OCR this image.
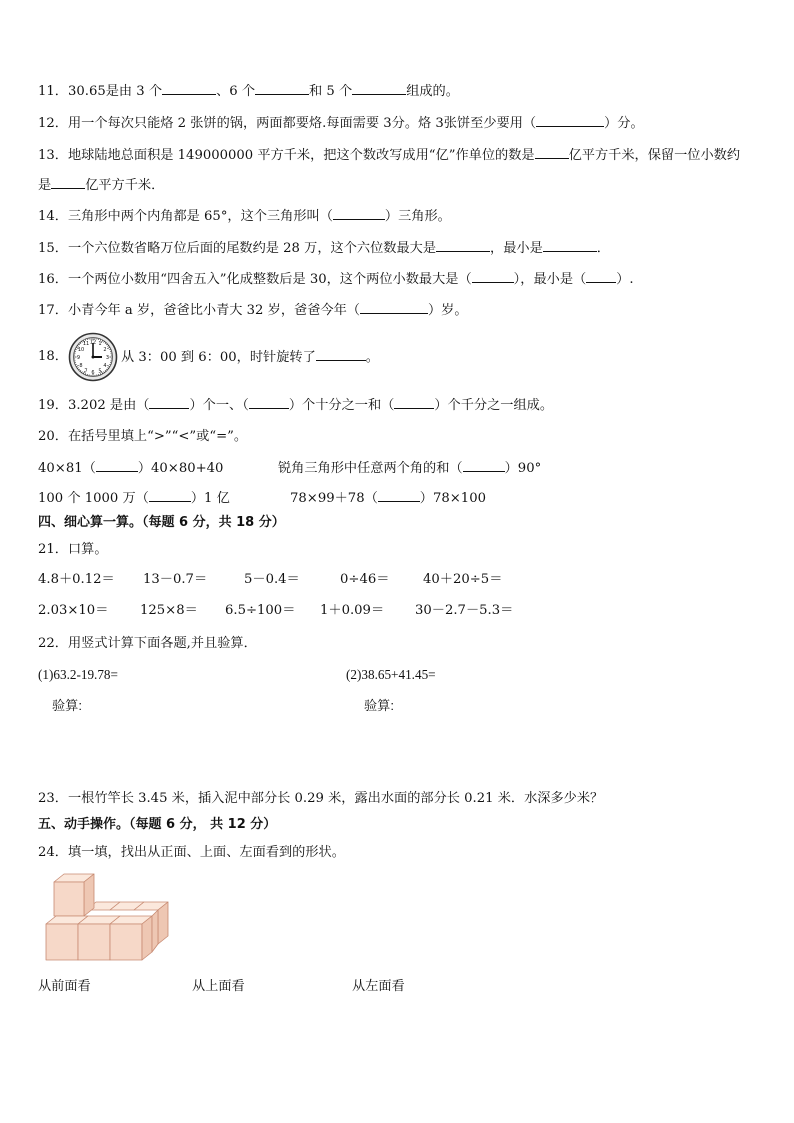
11．30.65是由 3 个	、6 个	和 5 个	组成的。
12．用一个每次只能烙 2 张饼的锅，两面都要烙.每面需要 3分。烙 3张饼至少要用（	）分。
13．地球陆地总面积是 149000000 平方千米，把这个数改写成用“亿”作单位的数是	亿平方千米，保留一位小数约
是	亿平方千米．
14．三角形中两个内角都是 65°，这个三角形叫（	）三角形。
15．一个六位数省略万位后面的尾数约是 28 万，这个六位数最大是	，最小是	．
16．一个两位小数用“四舍五入”化成整数后是 30，这个两位小数最大是（	），最小是（ ）.
17．小青今年 a 岁，爸爸比小青大 32 岁，爸爸今年（	）岁。
18．
12
3
6
9
1
2
4
5
7
8
10
11
从 3：00 到 6：00，时针旋转了	。
19．3.202 是由（	）个一、（	）个十分之一和（	）个千分之一组成。
20．在括号里填上“>”“<”或“=”。
40×81（	）40×80+40	锐角三角形中任意两个角的和（	）90°
100 个 1000 万（	）1 亿	78×99＋78（	）78×100
四、细心算一算。（每题 6 分，共 18 分）
21．口算。
4.8＋0.12＝ 13－0.7＝	5－0.4＝	0÷46＝	40＋20÷5＝
2.03×10＝ 125×8＝ 6.5÷100＝ 1＋0.09＝ 30－2.7－5.3＝
22．用竖式计算下面各题,并且验算．
(1)63.2-19.78=	(2)38.65+41.45=
验算:	验算:
23．一根竹竿长 3.45 米，插入泥中部分长 0.29 米，露出水面的部分长 0.21 米．水深多少米？
五、动手操作。（每题 6 分， 共 12 分）
24．填一填，找出从正面、上面、左面看到的形状。
从前面看	从上面看	从左面看
